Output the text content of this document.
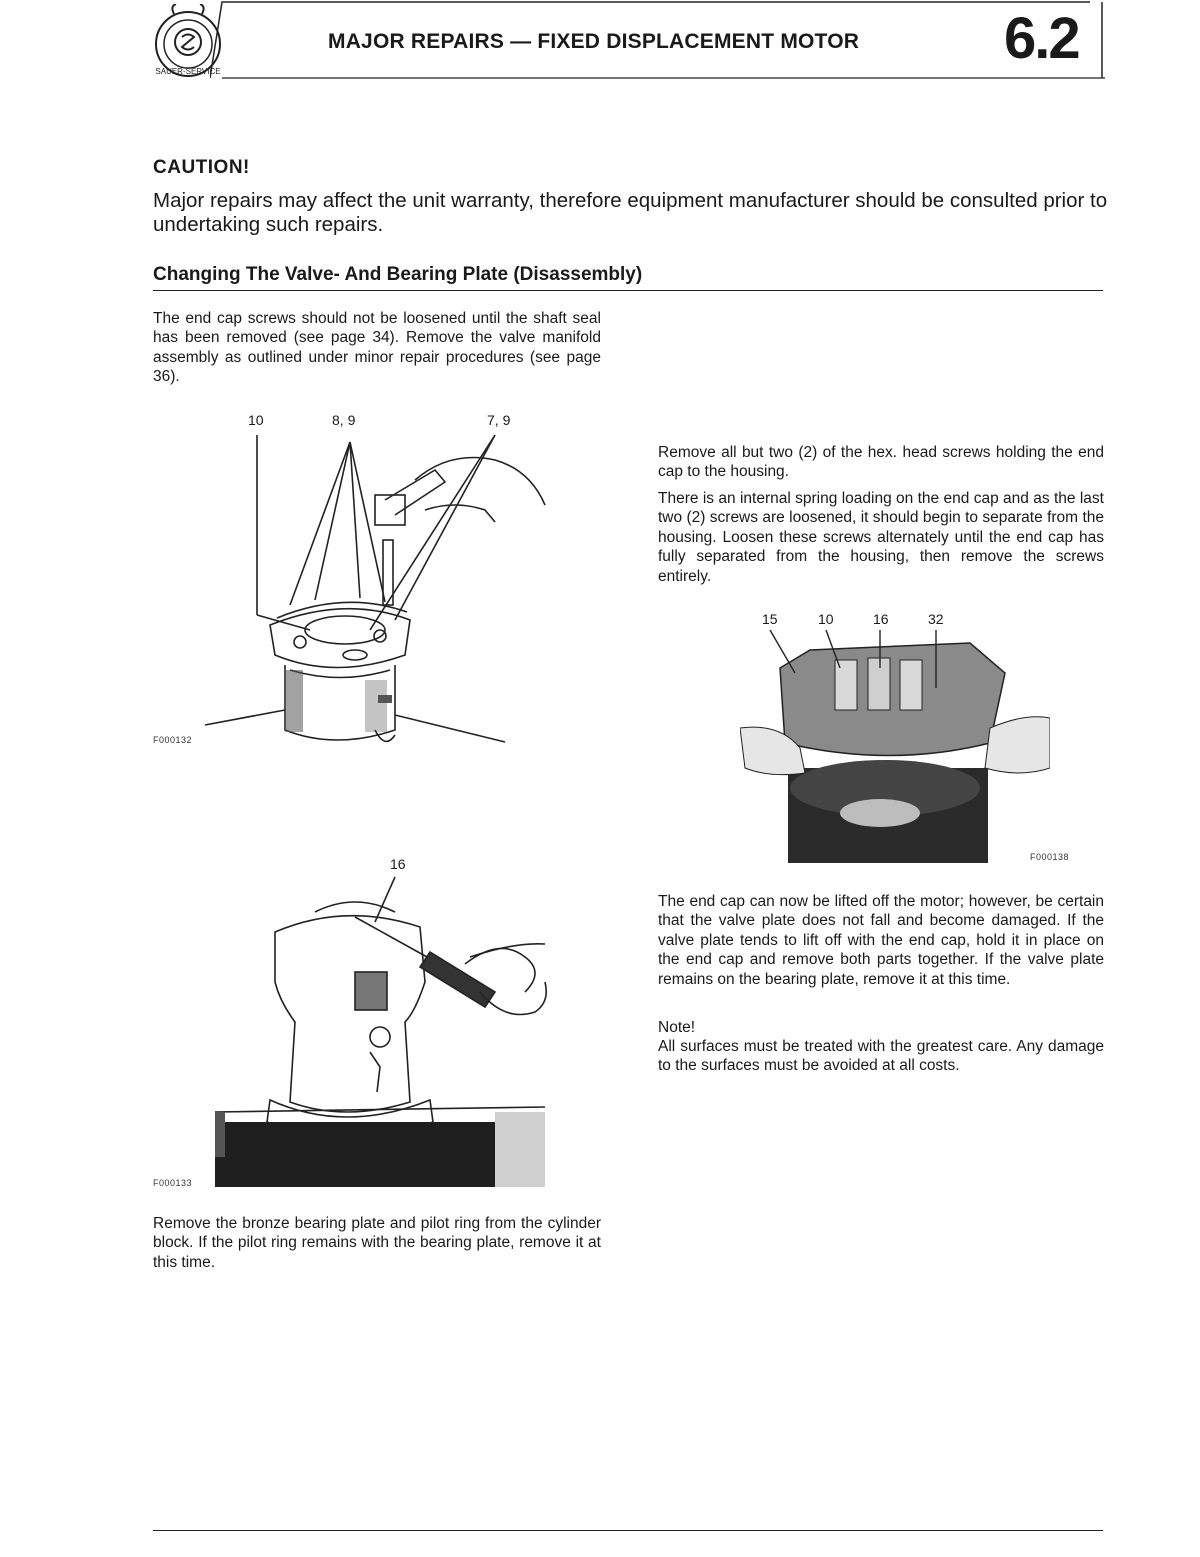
SAUER-SERVICE
MAJOR REPAIRS — FIXED DISPLACEMENT MOTOR 6.2
CAUTION!
Major repairs may affect the unit warranty, therefore equipment manufacturer should be consulted prior to undertaking such repairs.
Changing The Valve- And Bearing Plate (Disassembly)
The end cap screws should not be loosened until the shaft seal has been removed (see page 34). Remove the valve manifold assembly as outlined under minor repair procedures (see page 36).
Remove all but two (2) of the hex. head screws holding the end cap to the housing.
There is an internal spring loading on the end cap and as the last two (2) screws are loosened, it should begin to separate from the housing. Loosen these screws alternately until the end cap has fully separated from the housing, then remove the screws entirely.
The end cap can now be lifted off the motor; however, be certain that the valve plate does not fall and become damaged. If the valve plate tends to lift off with the end cap, hold it in place on the end cap and remove both parts together. If the valve plate remains on the bearing plate, remove it at this time.
Note!
All surfaces must be treated with the greatest care. Any damage to the surfaces must be avoided at all costs.
Remove the bronze bearing plate and pilot ring from the cylinder block. If the pilot ring remains with the bearing plate, remove it at this time.
10	8, 9	7, 9
F000132
15	10	16	32
F000138
16
F000133
